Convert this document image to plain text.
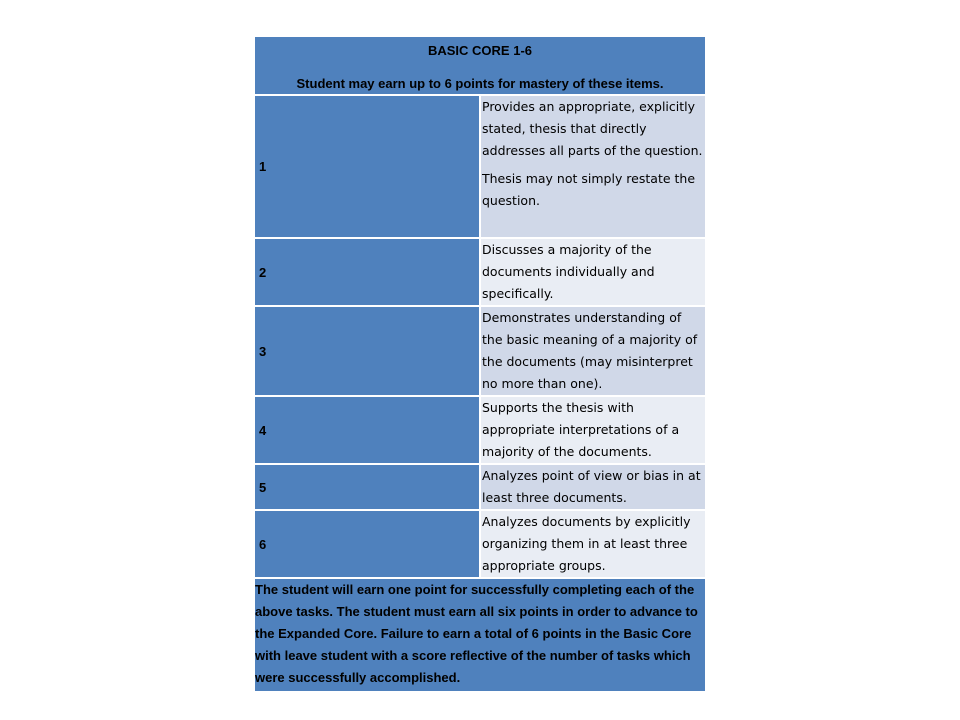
BASIC CORE 1-6
Student may earn up to 6 points for mastery of these items.	

1	Provides an appropriate, explicitly stated, thesis that directly addresses all parts of the question.

Thesis may not simply restate the question.

2	Discusses a majority of the documents individually and specifically.
3	Demonstrates understanding of the basic meaning of a majority of the documents (may misinterpret no more than one).
4	Supports the thesis with appropriate interpretations of a majority of the documents.
5	Analyzes point of view or bias in at least three documents.
6	Analyzes documents by explicitly organizing them in at least three appropriate groups.
The student will earn one point for successfully completing each of the above tasks. The student must earn all six points in order to advance to the Expanded Core. Failure to earn a total of 6 points in the Basic Core with leave student with a score reflective of the number of tasks which were successfully accomplished.	
